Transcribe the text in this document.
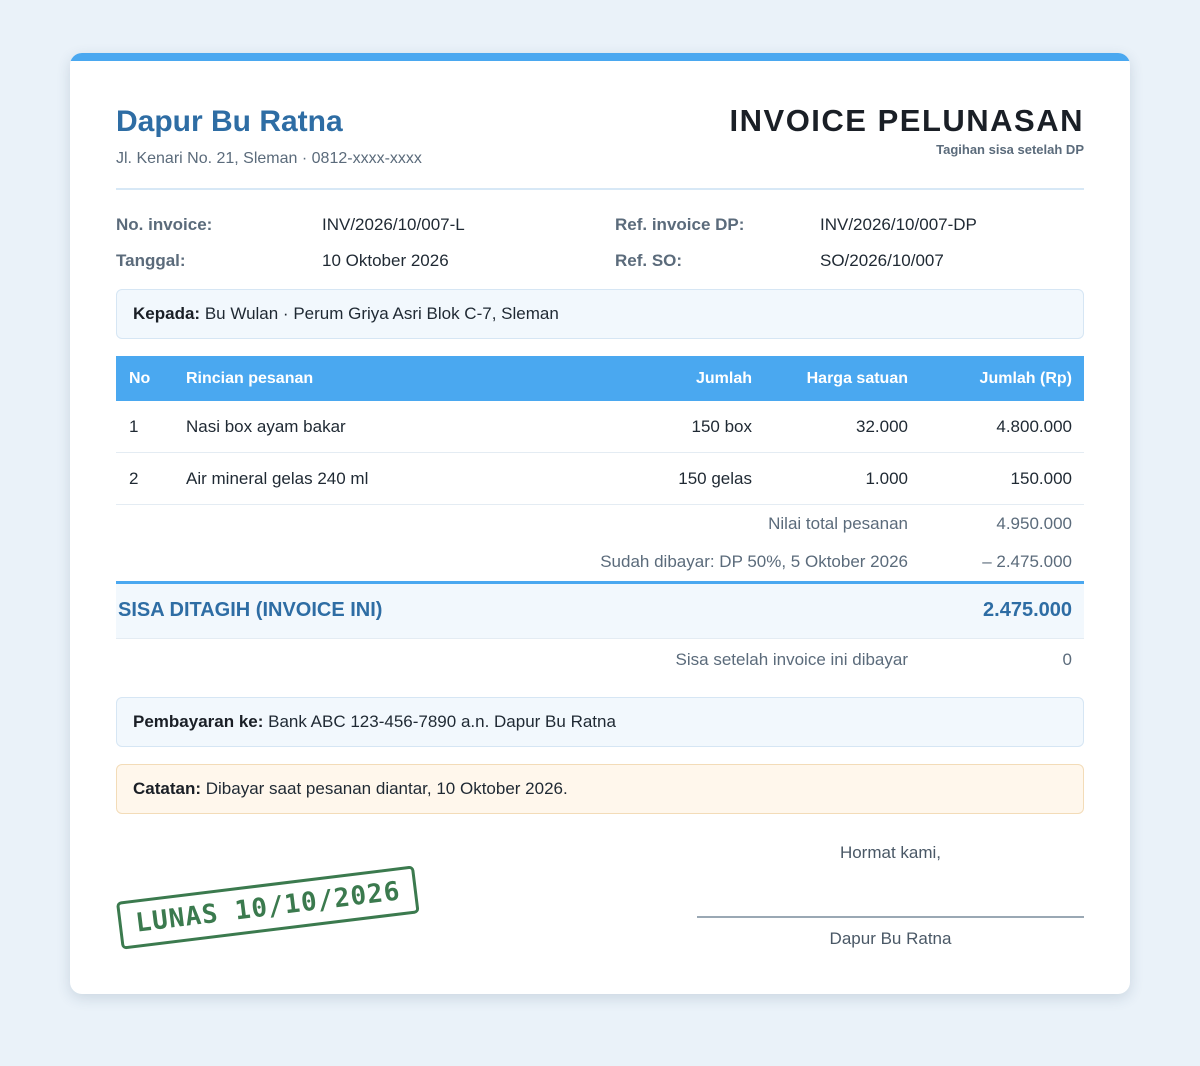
Dapur Bu Ratna
Jl. Kenari No. 21, Sleman · 0812-xxxx-xxxx
INVOICE PELUNASAN
Tagihan sisa setelah DP
No. invoice:	INV/2026/10/007-L	Ref. invoice DP:	INV/2026/10/007-DP
Tanggal:	10 Oktober 2026	Ref. SO:	SO/2026/10/007
Kepada: Bu Wulan · Perum Griya Asri Blok C-7, Sleman
No Rincian pesanan	Jumlah	Harga satuan	Jumlah (Rp)
1	Nasi box ayam bakar	150 box	32.000	4.800.000
2	Air mineral gelas 240 ml	150 gelas	1.000	150.000
Nilai total pesanan	4.950.000
Sudah dibayar: DP 50%, 5 Oktober 2026	– 2.475.000
SISA DITAGIH (INVOICE INI)	2.475.000
Sisa setelah invoice ini dibayar	0
Pembayaran ke: Bank ABC 123-456-7890 a.n. Dapur Bu Ratna
Catatan: Dibayar saat pesanan diantar, 10 Oktober 2026.
Hormat kami,
Dapur Bu Ratna
LUNAS 10/10/2026
